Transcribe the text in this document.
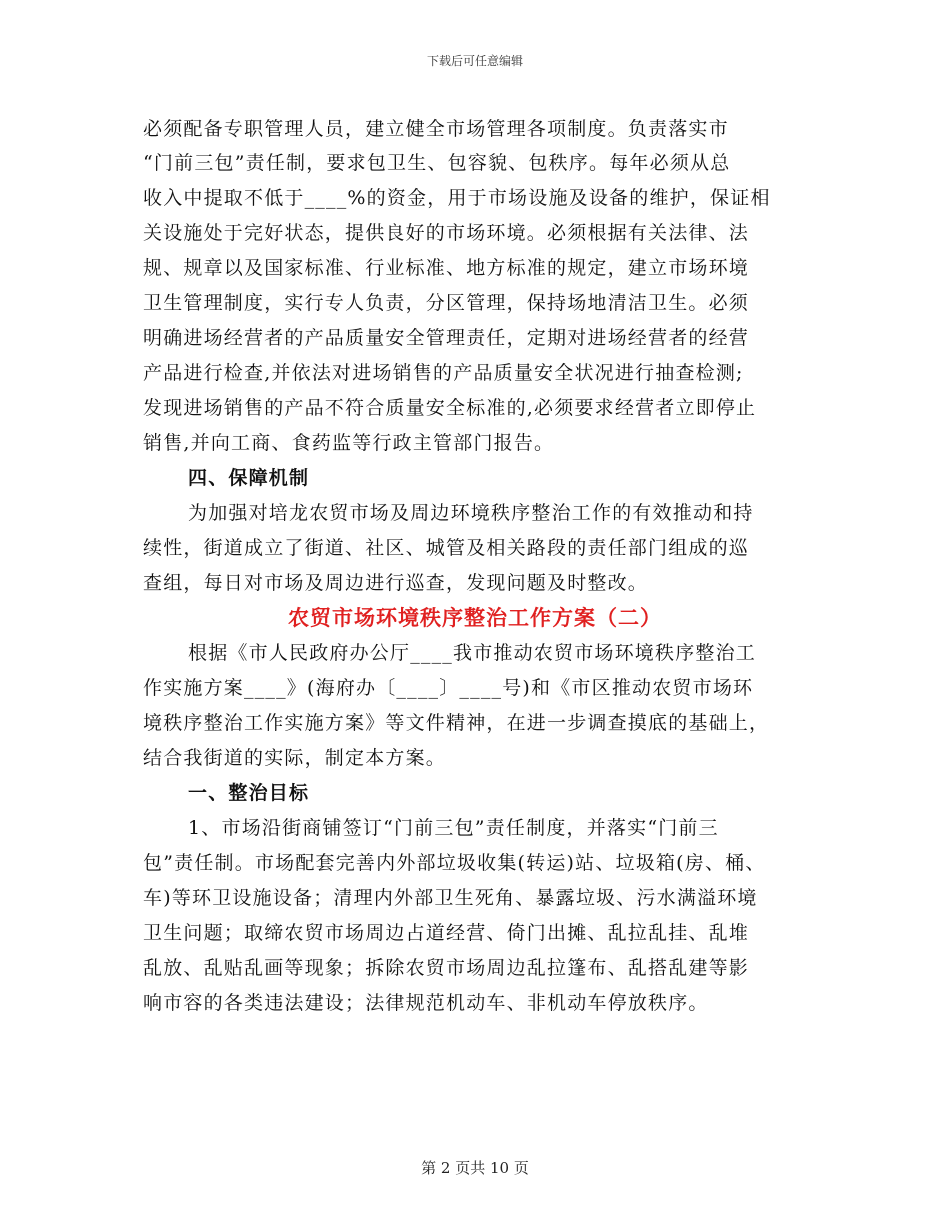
下载后可任意编辑
必须配备专职管理人员，建立健全市场管理各项制度。负责落实市
“门前三包”责任制，要求包卫生、包容貌、包秩序。每年必须从总
收入中提取不低于____%的资金，用于市场设施及设备的维护，保证相
关设施处于完好状态，提供良好的市场环境。必须根据有关法律、法
规、规章以及国家标准、行业标准、地方标准的规定，建立市场环境
卫生管理制度，实行专人负责，分区管理，保持场地清洁卫生。必须
明确进场经营者的产品质量安全管理责任，定期对进场经营者的经营
产品进行检查,并依法对进场销售的产品质量安全状况进行抽查检测;
发现进场销售的产品不符合质量安全标准的,必须要求经营者立即停止
销售,并向工商、食药监等行政主管部门报告。
四、保障机制
为加强对培龙农贸市场及周边环境秩序整治工作的有效推动和持
续性，街道成立了街道、社区、城管及相关路段的责任部门组成的巡
查组，每日对市场及周边进行巡查，发现问题及时整改。
农贸市场环境秩序整治工作方案（二）
根据《市人民政府办公厅____我市推动农贸市场环境秩序整治工
作实施方案____》(海府办〔____〕____号)和《市区推动农贸市场环
境秩序整治工作实施方案》等文件精神，在进一步调查摸底的基础上，
结合我街道的实际，制定本方案。
一、整治目标
1、市场沿街商铺签订“门前三包”责任制度，并落实“门前三
包”责任制。市场配套完善内外部垃圾收集(转运)站、垃圾箱(房、桶、
车)等环卫设施设备；清理内外部卫生死角、暴露垃圾、污水满溢环境
卫生问题；取缔农贸市场周边占道经营、倚门出摊、乱拉乱挂、乱堆
乱放、乱贴乱画等现象；拆除农贸市场周边乱拉篷布、乱搭乱建等影
响市容的各类违法建设；法律规范机动车、非机动车停放秩序。
第 2 页共 10 页
